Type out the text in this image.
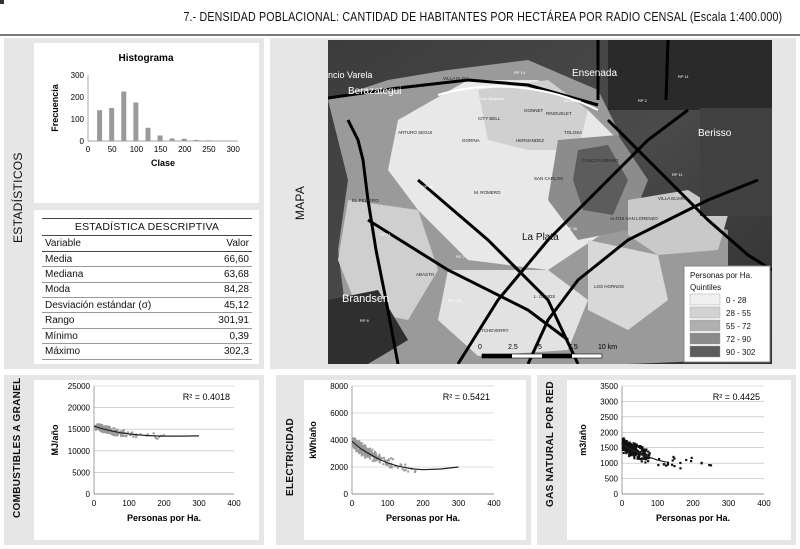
7.- DENSIDAD POBLACIONAL: CANTIDAD DE HABITANTES POR HECTÁREA POR RADIO CENSAL (Escala 1:400.000)
Histograma
0
100
200
300
0 50 100 150 200 250 300
Clase
Frecuencia
ESTADÍSTICOS	ESTADÍSTICA DESCRIPTIVA
Variable	Valor
Media	66,60
Mediana	63,68
Moda	84,28
Desviación estándar (σ)	45,12
Rango	301,91
Mínimo	0,39
Máximo	302,3
MAPA
Ensenada
Berazategui
Berisso
ncio Varela
Brandsen
La Plata
VILLA ELISA
CITY BELL
GONNET
ARTURO SEGUI
GORINA	HERNANDEZ
RINGUELET
TOLOSA
CASCO URBANO
SAN CARLOS
VILLA ELVIRA
M. ROMERO
EL PELIGRO
ALTOS SAN LORENZO
ABASTO
LOS HORNOS
L. OLMOS
ETCHEVERRY
RP 14
Cno Belgrano
RP 36
RP 11
RP 2
RP 36
RP 215
RP 6
AU Bs As
RP 11
RP 2
RP 11
Personas por Ha.
Quintiles
0 - 28
28 - 55
55 - 72
72 - 90
90 - 302
0	2.5	5	7.5	10 km
COMBUSTIBLES A GRANEL	0
5000
10000
15000
20000
25000
0	100	200	300	400
R² = 0.4018
Personas por Ha.
MJ/año	ELECTRICIDAD	0
2000
4000
6000
8000
0	100	200	300	400
R² = 0.5421
Personas por Ha.
kWh/año	GAS NATURAL POR RED	0
500
1000
1500
2000
2500
3000
3500
0	100	200	300	400
R² = 0.4425
Personas por Ha.
m3/año
